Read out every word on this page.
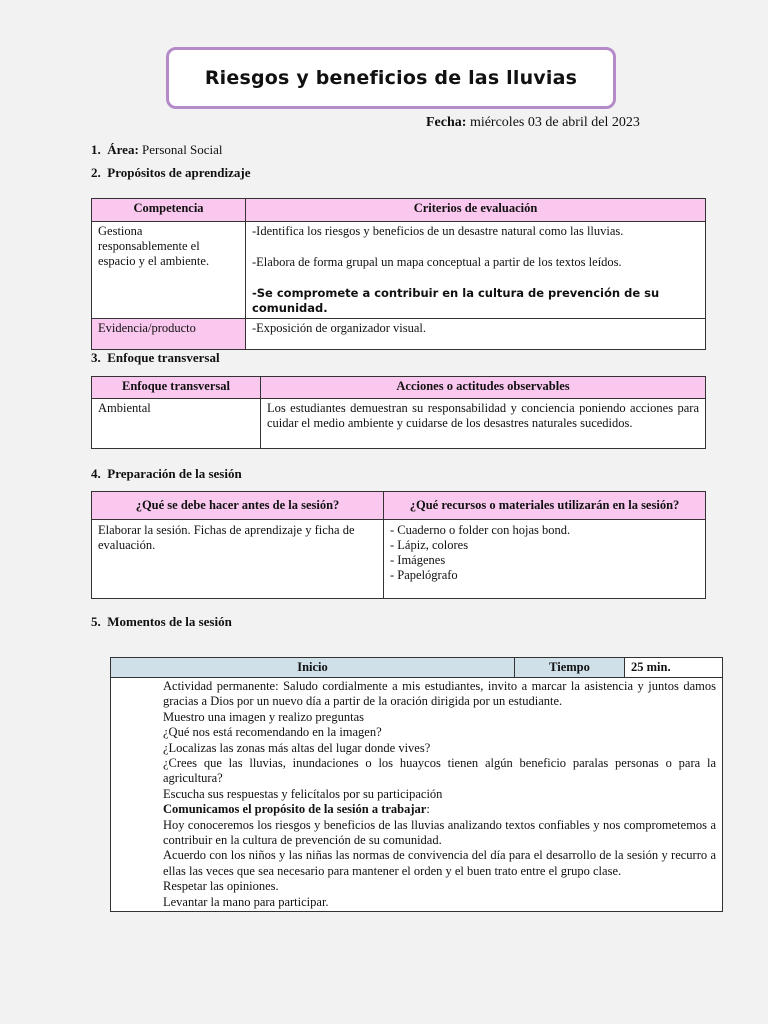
Riesgos y beneficios de las lluvias
Fecha: miércoles 03 de abril del 2023
1. Área: Personal Social
2. Propósitos de aprendizaje
Competencia	Criterios de evaluación
Gestiona responsablemente el espacio y el ambiente.	-Identifica los riesgos y beneficios de un desastre natural como las lluvias.
-Elabora de forma grupal un mapa conceptual a partir de los textos leídos.
-Se compromete a contribuir en la cultura de prevención de su comunidad.

Evidencia/producto	-Exposición de organizador visual.
3. Enfoque transversal
Enfoque transversal	Acciones o actitudes observables
Ambiental	Los estudiantes demuestran su responsabilidad y conciencia poniendo acciones para cuidar el medio ambiente y cuidarse de los desastres naturales sucedidos.
4. Preparación de la sesión
¿Qué se debe hacer antes de la sesión?	¿Qué recursos o materiales utilizarán en la sesión?
Elaborar la sesión. Fichas de aprendizaje y ficha de evaluación.	- Cuaderno o folder con hojas bond.
- Lápiz, colores
- Imágenes
- Papelógrafo
5. Momentos de la sesión
Inicio	Tiempo	25 min.

Actividad permanente: Saludo cordialmente a mis estudiantes, invito a marcar la asistencia y juntos damos gracias a Dios por un nuevo día a partir de la oración dirigida por un estudiante.

Muestro una imagen y realizo preguntas

¿Qué nos está recomendando en la imagen?

¿Localizas las zonas más altas del lugar donde vives?

¿Crees que las lluvias, inundaciones o los huaycos tienen algún beneficio paralas personas o para la agricultura?

Escucha sus respuestas y felicítalos por su participación

Comunicamos el propósito de la sesión a trabajar:

Hoy conoceremos los riesgos y beneficios de las lluvias analizando textos confiables y nos comprometemos a contribuir en la cultura de prevención de su comunidad.

Acuerdo con los niños y las niñas las normas de convivencia del día para el desarrollo de la sesión y recurro a ellas las veces que sea necesario para mantener el orden y el buen trato entre el grupo clase.

Respetar las opiniones.

Levantar la mano para participar.
